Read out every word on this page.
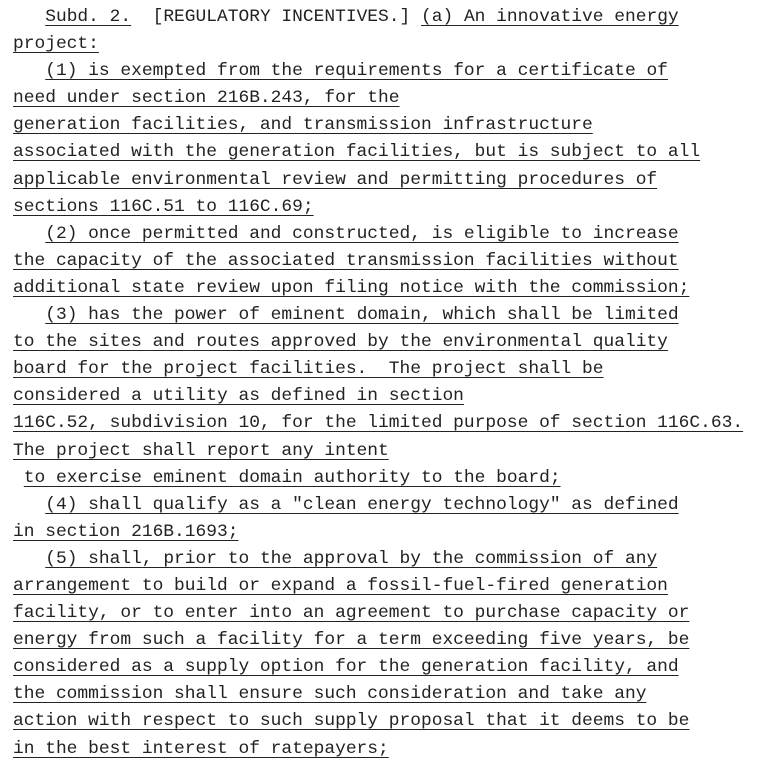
Subd. 2.  [REGULATORY INCENTIVES.] (a) An innovative energy
project:
(1) is exempted from the requirements for a certificate of
need under section 216B.243, for the
generation facilities, and transmission infrastructure
associated with the generation facilities, but is subject to all
applicable environmental review and permitting procedures of
sections 116C.51 to 116C.69;
(2) once permitted and constructed, is eligible to increase
the capacity of the associated transmission facilities without
additional state review upon filing notice with the commission;
(3) has the power of eminent domain, which shall be limited
to the sites and routes approved by the environmental quality
board for the project facilities.  The project shall be
considered a utility as defined in section
116C.52, subdivision 10, for the limited purpose of section 116C.63.
The project shall report any intent
to exercise eminent domain authority to the board;
(4) shall qualify as a "clean energy technology" as defined
in section 216B.1693;
(5) shall, prior to the approval by the commission of any
arrangement to build or expand a fossil-fuel-fired generation
facility, or to enter into an agreement to purchase capacity or
energy from such a facility for a term exceeding five years, be
considered as a supply option for the generation facility, and
the commission shall ensure such consideration and take any
action with respect to such supply proposal that it deems to be
in the best interest of ratepayers;
